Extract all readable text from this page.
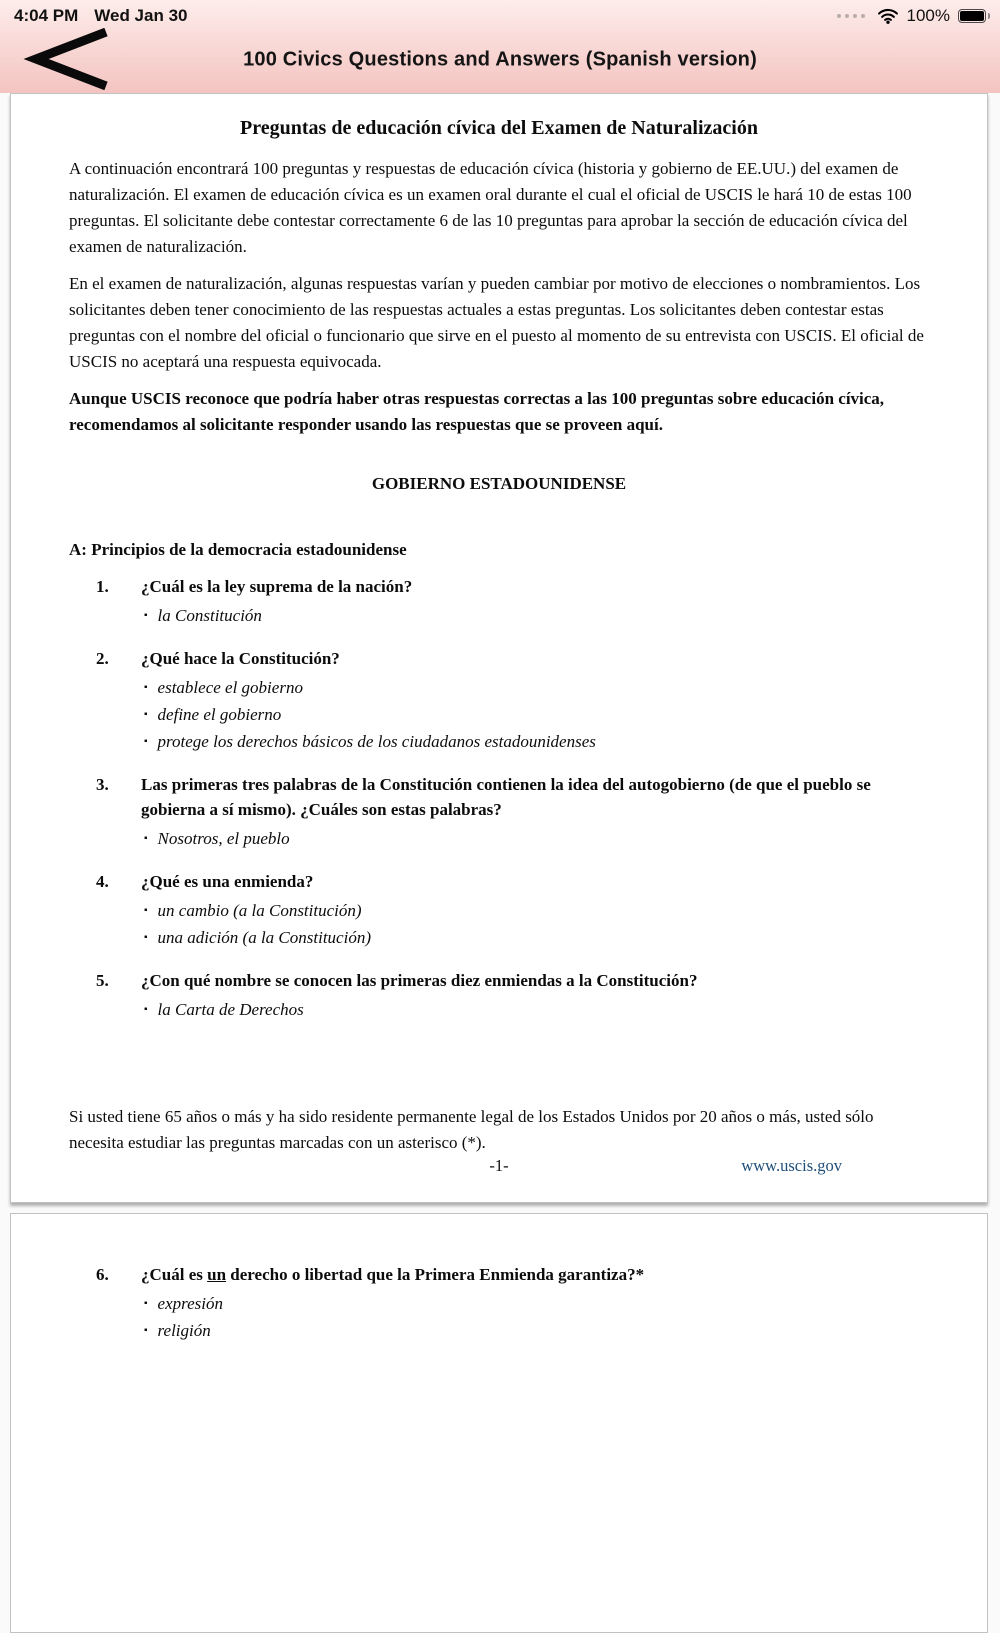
4:04 PM Wed Jan 30	100%
100 Civics Questions and Answers (Spanish version)
Preguntas de educación cívica del Examen de Naturalización

A continuación encontrará 100 preguntas y respuestas de educación cívica (historia y gobierno de EE.UU.) del examen de naturalización. El examen de educación cívica es un examen oral durante el cual el oficial de USCIS le hará 10 de estas 100 preguntas. El solicitante debe contestar correctamente 6 de las 10 preguntas para aprobar la sección de educación cívica del examen de naturalización.

En el examen de naturalización, algunas respuestas varían y pueden cambiar por motivo de elecciones o nombramientos. Los solicitantes deben tener conocimiento de las respuestas actuales a estas preguntas. Los solicitantes deben contestar estas preguntas con el nombre del oficial o funcionario que sirve en el puesto al momento de su entrevista con USCIS. El oficial de USCIS no aceptará una respuesta equivocada.

Aunque USCIS reconoce que podría haber otras respuestas correctas a las 100 preguntas sobre educación cívica, recomendamos al solicitante responder usando las respuestas que se proveen aquí.

GOBIERNO ESTADOUNIDENSE
A: Principios de la democracia estadounidense
1.	¿Cuál es la ley suprema de la nación?
▪ la Constitución
2.	¿Qué hace la Constitución?
▪ establece el gobierno
▪ define el gobierno
▪ protege los derechos básicos de los ciudadanos estadounidenses
3.	Las primeras tres palabras de la Constitución contienen la idea del autogobierno (de que el pueblo se gobierna a sí mismo). ¿Cuáles son estas palabras?
▪ Nosotros, el pueblo
4.	¿Qué es una enmienda?
▪ un cambio (a la Constitución)
▪ una adición (a la Constitución)
5.	¿Con qué nombre se conocen las primeras diez enmiendas a la Constitución?
▪ la Carta de Derechos
Si usted tiene 65 años o más y ha sido residente permanente legal de los Estados Unidos por 20 años o más, usted sólo necesita estudiar las preguntas marcadas con un asterisco (*).
-1-	www.uscis.gov
6.	¿Cuál es un derecho o libertad que la Primera Enmienda garantiza?*
▪ expresión
▪ religión
